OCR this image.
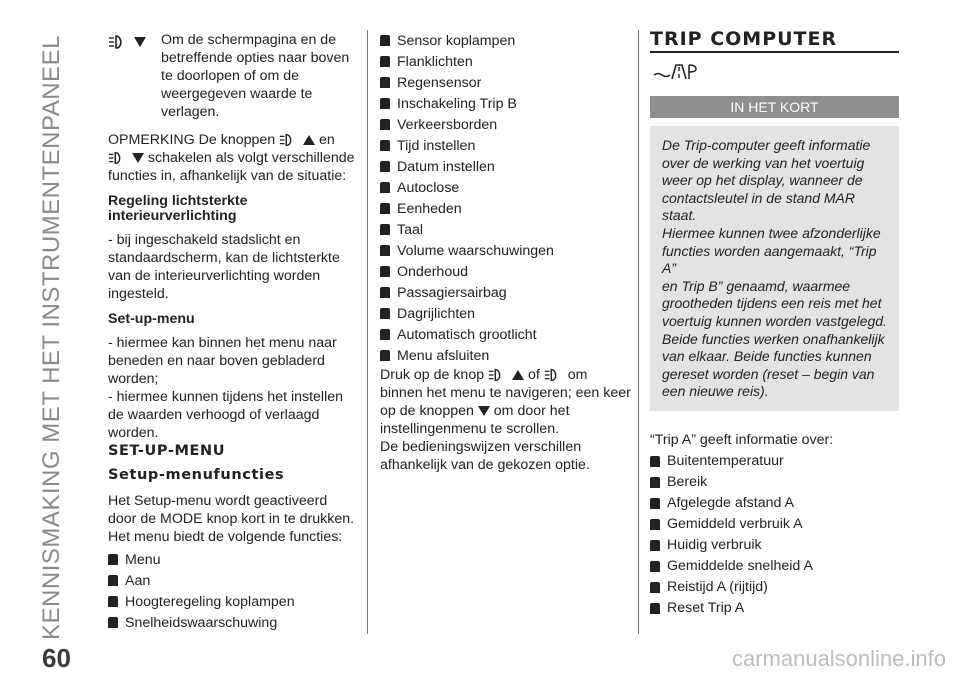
KENNISMAKING MET HET INSTRUMENTENPANEEL
60	carmanualsonline.info

Om de schermpagina en de

betreffende opties naar boven

te doorlopen of om de

weergegeven waarde te

verlagen.

OPMERKING De knoppen	en

schakelen als volgt verschillende

functies in, afhankelijk van de situatie:

Regeling lichtsterkte

interieurverlichting

- bij ingeschakeld stadslicht en

standaardscherm, kan de lichtsterkte

van de interieurverlichting worden

ingesteld.

Set-up-menu

- hiermee kan binnen het menu naar

beneden en naar boven gebladerd

worden;

- hiermee kunnen tijdens het instellen

de waarden verhoogd of verlaagd

worden.

SET-UP-MENU

Setup-menufuncties

Het Setup-menu wordt geactiveerd

door de MODE knop kort in te drukken.

Het menu biedt de volgende functies:

Menu
Aan
Hoogteregeling koplampen
Snelheidswaarschuwing
Sensor koplampen
Flanklichten
Regensensor
Inschakeling Trip B
Verkeersborden
Tijd instellen
Datum instellen
Autoclose
Eenheden
Taal
Volume waarschuwingen
Onderhoud
Passagiersairbag
Dagrijlichten
Automatisch grootlicht
Menu afsluiten

Druk op de knop	of om

binnen het menu te navigeren; een keer

op de knoppen om door het

instellingenmenu te scrollen.

De bedieningswijzen verschillen

afhankelijk van de gekozen optie.

TRIP COMPUTER
IN HET KORT

De Trip-computer geeft informatie

over de werking van het voertuig

weer op het display, wanneer de

contactsleutel in de stand MAR staat.

Hiermee kunnen twee afzonderlijke

functies worden aangemaakt, “Trip A”

en Trip B” genaamd, waarmee

grootheden tijdens een reis met het

voertuig kunnen worden vastgelegd.

Beide functies werken onafhankelijk

van elkaar. Beide functies kunnen

gereset worden (reset – begin van

een nieuwe reis).

“Trip A” geeft informatie over:

Buitentemperatuur
Bereik
Afgelegde afstand A
Gemiddeld verbruik A
Huidig verbruik
Gemiddelde snelheid A
Reistijd A (rijtijd)
Reset Trip A
